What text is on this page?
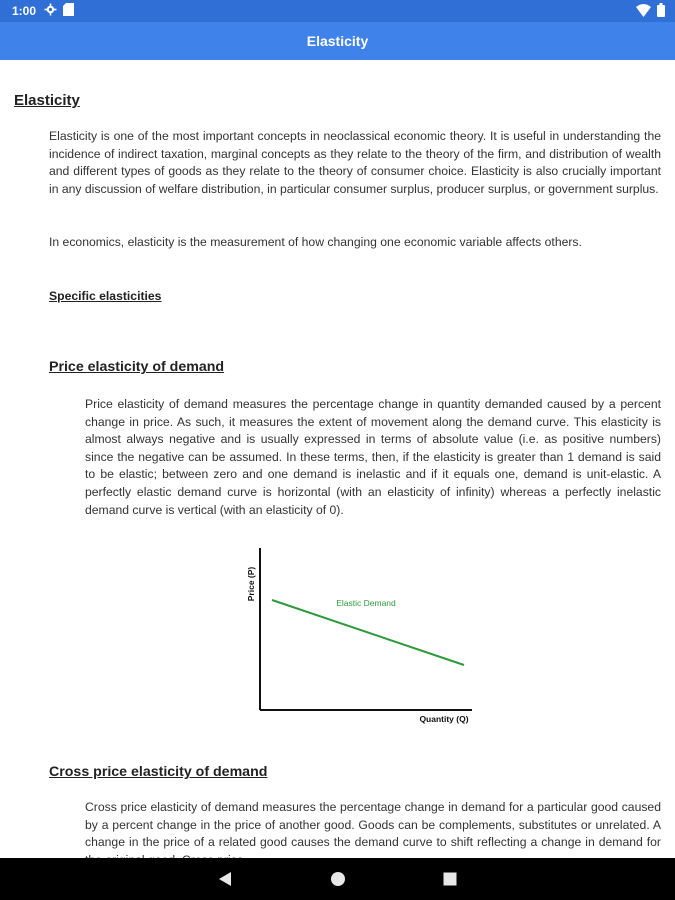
1:00
Elasticity
Elasticity
Elasticity is one of the most important concepts in neoclassical economic theory. It is useful in understanding the incidence of indirect taxation, marginal concepts as they relate to the theory of the firm, and distribution of wealth and different types of goods as they relate to the theory of consumer choice. Elasticity is also crucially important in any discussion of welfare distribution, in particular consumer surplus, producer surplus, or government surplus.
In economics, elasticity is the measurement of how changing one economic variable affects others.
Specific elasticities
Price elasticity of demand
Price elasticity of demand measures the percentage change in quantity demanded caused by a percent change in price. As such, it measures the extent of movement along the demand curve. This elasticity is almost always negative and is usually expressed in terms of absolute value (i.e. as positive numbers) since the negative can be assumed. In these terms, then, if the elasticity is greater than 1 demand is said to be elastic; between zero and one demand is inelastic and if it equals one, demand is unit-elastic. A perfectly elastic demand curve is horizontal (with an elasticity of infinity) whereas a perfectly inelastic demand curve is vertical (with an elasticity of 0).
Price (P)
Quantity (Q)
Elastic Demand
Cross price elasticity of demand
Cross price elasticity of demand measures the percentage change in demand for a particular good caused by a percent change in the price of another good. Goods can be complements, substitutes or unrelated. A change in the price of a related good causes the demand curve to shift reflecting a change in demand for
